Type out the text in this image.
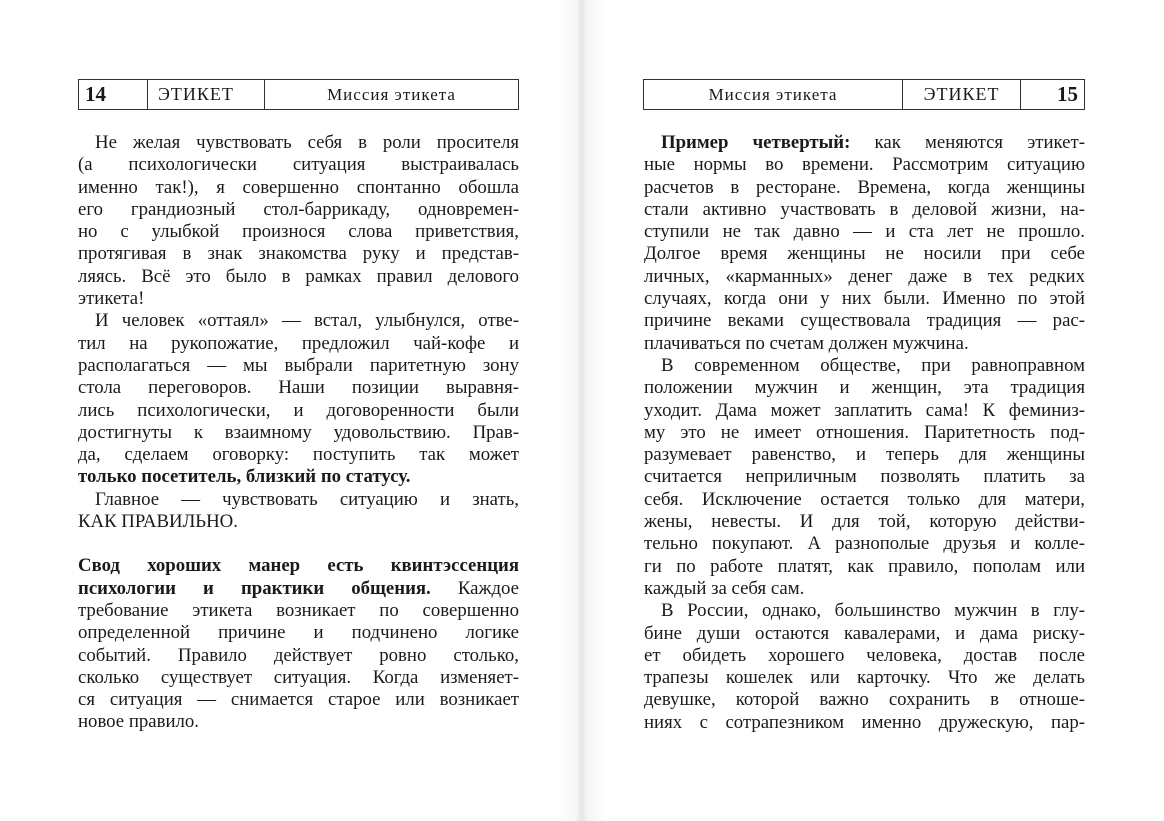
14	ЭТИКЕТ	Миссия этикета
Не желая чувствовать себя в роли просителя
(а психологически ситуация выстраивалась
именно так!), я совершенно спонтанно обошла
его грандиозный стол-баррикаду, одновремен-
но с улыбкой произнося слова приветствия,
протягивая в знак знакомства руку и представ-
ляясь. Всё это было в рамках правил делового
этикета!
И человек «оттаял» — встал, улыбнулся, отве-
тил на рукопожатие, предложил чай-кофе и
располагаться — мы выбрали паритетную зону
стола переговоров. Наши позиции выравня-
лись психологически, и договоренности были
достигнуты к взаимному удовольствию. Прав-
да, сделаем оговорку: поступить так может
только посетитель, близкий по статусу.
Главное — чувствовать ситуацию и знать,
КАК ПРАВИЛЬНО.
Свод хороших манер есть квинтэссенция
психологии и практики общения. Каждое
требование этикета возникает по совершенно
определенной причине и подчинено логике
событий. Правило действует ровно столько,
сколько существует ситуация. Когда изменяет-
ся ситуация — снимается старое или возникает
новое правило.
Миссия этикета	ЭТИКЕТ	15
Пример четвертый: как меняются этикет-
ные нормы во времени. Рассмотрим ситуацию
расчетов в ресторане. Времена, когда женщины
стали активно участвовать в деловой жизни, на-
ступили не так давно — и ста лет не прошло.
Долгое время женщины не носили при себе
личных, «карманных» денег даже в тех редких
случаях, когда они у них были. Именно по этой
причине веками существовала традиция — рас-
плачиваться по счетам должен мужчина.
В современном обществе, при равноправном
положении мужчин и женщин, эта традиция
уходит. Дама может заплатить сама! К феминиз-
му это не имеет отношения. Паритетность под-
разумевает равенство, и теперь для женщины
считается неприличным позволять платить за
себя. Исключение остается только для матери,
жены, невесты. И для той, которую действи-
тельно покупают. А разнополые друзья и колле-
ги по работе платят, как правило, пополам или
каждый за себя сам.
В России, однако, большинство мужчин в глу-
бине души остаются кавалерами, и дама риску-
ет обидеть хорошего человека, достав после
трапезы кошелек или карточку. Что же делать
девушке, которой важно сохранить в отноше-
ниях с сотрапезником именно дружескую, пар-
